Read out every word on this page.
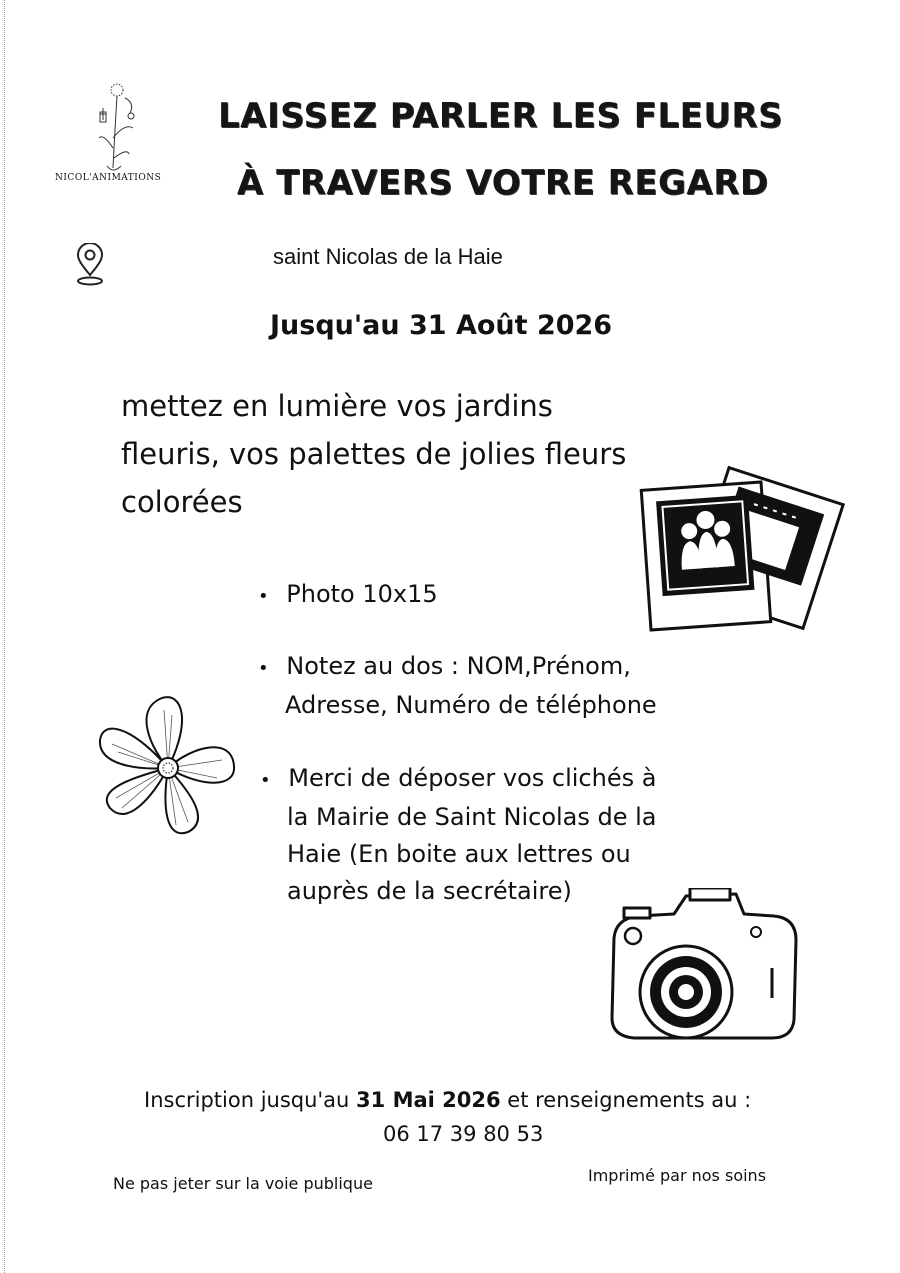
NICOL'ANIMATIONS
LAISSEZ PARLER LES FLEURS
À TRAVERS VOTRE REGARD
saint Nicolas de la Haie
Jusqu'au 31 Août 2026
mettez en lumière vos jardins
fleuris, vos palettes de jolies fleurs
colorées
• Photo 10x15
• Notez au dos : NOM,Prénom,
Adresse, Numéro de téléphone
• Merci de déposer vos clichés à
la Mairie de Saint Nicolas de la
Haie (En boite aux lettres ou
auprès de la secrétaire)
Inscription jusqu'au 31 Mai 2026 et renseignements au :
06 17 39 80 53
Ne pas jeter sur la voie publique	Imprimé par nos soins
